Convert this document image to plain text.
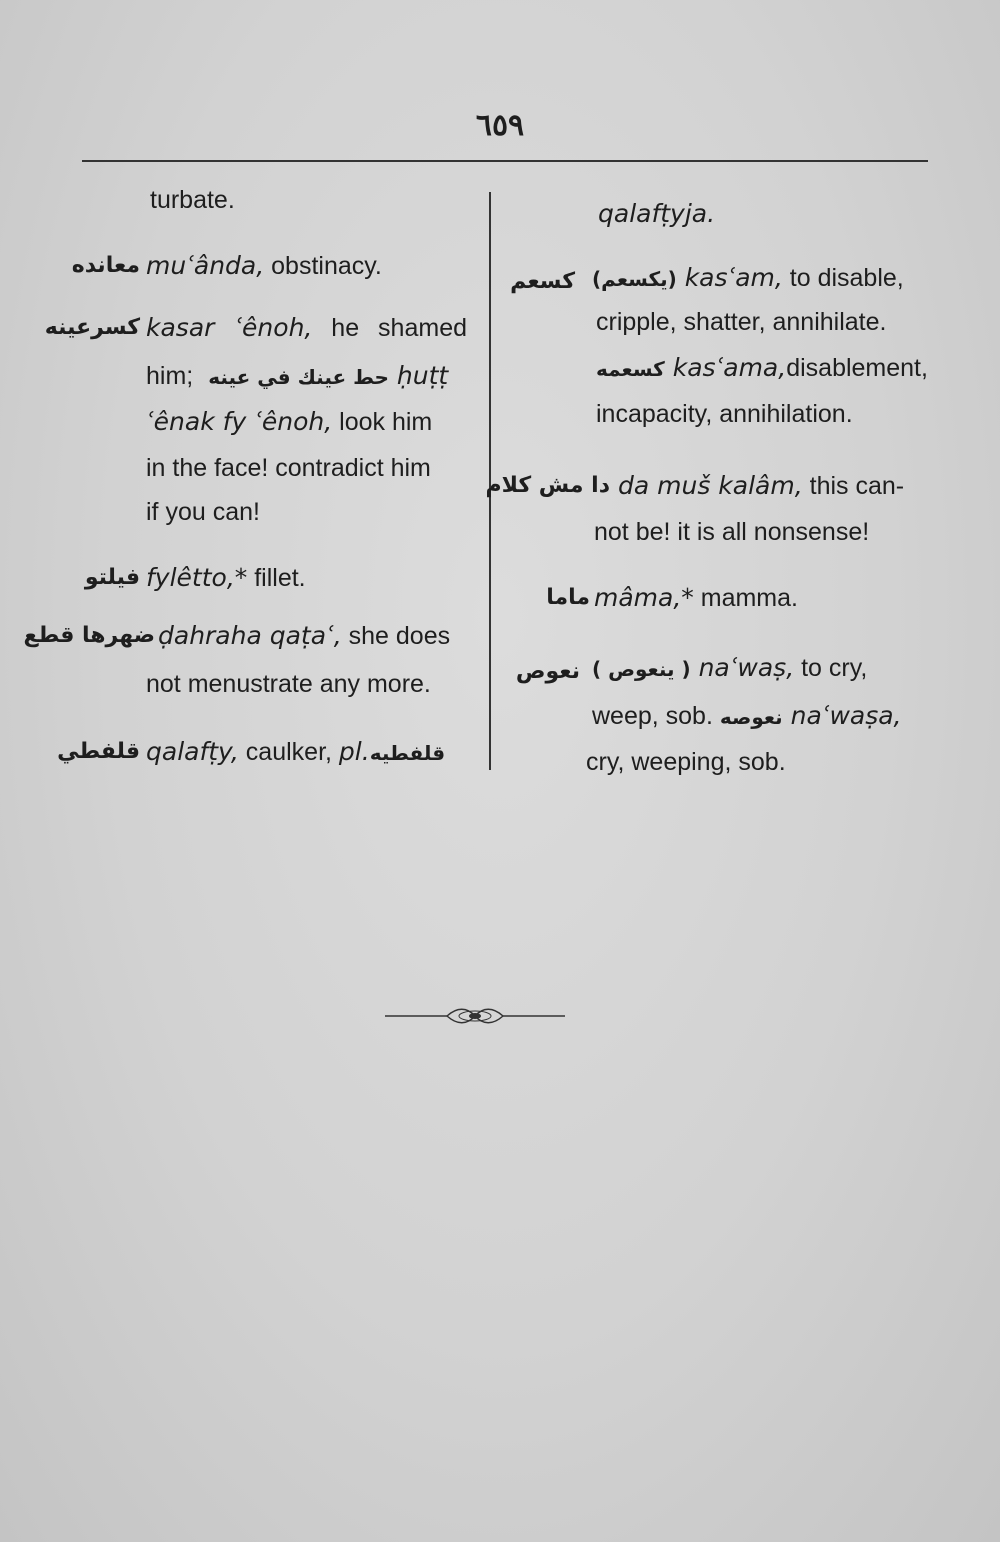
٦٥٩
turbate.
معانده muʿânda, obstinacy.
كسرعينه kasar ʿênoh, he shamed
him; حط عينك في عينه ḥuṭṭ
ʿênak fy ʿênoh, look him
in the face! contradict him
if you can!
فيلتو fylêtto,* fillet.
ضهرها قطع ḍahraha qaṭaʿ, she does
not menustrate any more.
قلفطي qalafṭy, caulker, pl. قلفطيه
qalafṭyja.
كسعم (يكسعم) kasʿam, to disable,
cripple, shatter, annihilate.
كسعمه kasʿama,disablement,
incapacity, annihilation.
دا مش كلام da muš kalâm, this can-
not be! it is all nonsense!
ماما mâma,* mamma.
نعوص ( ينعوص ) naʿwaṣ, to cry,
weep, sob. نعوصه naʿwaṣa,
cry, weeping, sob.
